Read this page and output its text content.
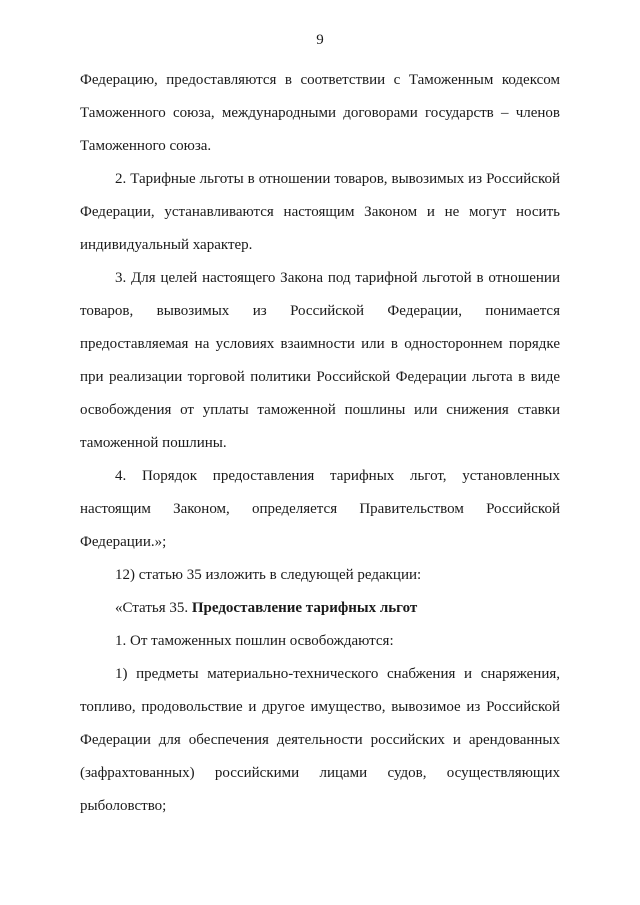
9
Федерацию, предоставляются в соответствии с Таможенным кодексом
Таможенного союза, международными договорами государств – членов
Таможенного союза.
2. Тарифные льготы в отношении товаров, вывозимых из Российской
Федерации, устанавливаются настоящим Законом и не могут носить
индивидуальный характер.
3. Для целей настоящего Закона под тарифной льготой в отношении
товаров, вывозимых из Российской Федерации, понимается
предоставляемая на условиях взаимности или в одностороннем порядке
при реализации торговой политики Российской Федерации льгота в виде
освобождения от уплаты таможенной пошлины или снижения ставки
таможенной пошлины.
4. Порядок предоставления тарифных льгот, установленных
настоящим Законом, определяется Правительством Российской
Федерации.»;
12) статью 35 изложить в следующей редакции:
«Статья 35. Предоставление тарифных льгот
1. От таможенных пошлин освобождаются:
1) предметы материально-технического снабжения и снаряжения,
топливо, продовольствие и другое имущество, вывозимое из Российской
Федерации для обеспечения деятельности российских и арендованных
(зафрахтованных) российскими лицами судов, осуществляющих
рыболовство;
